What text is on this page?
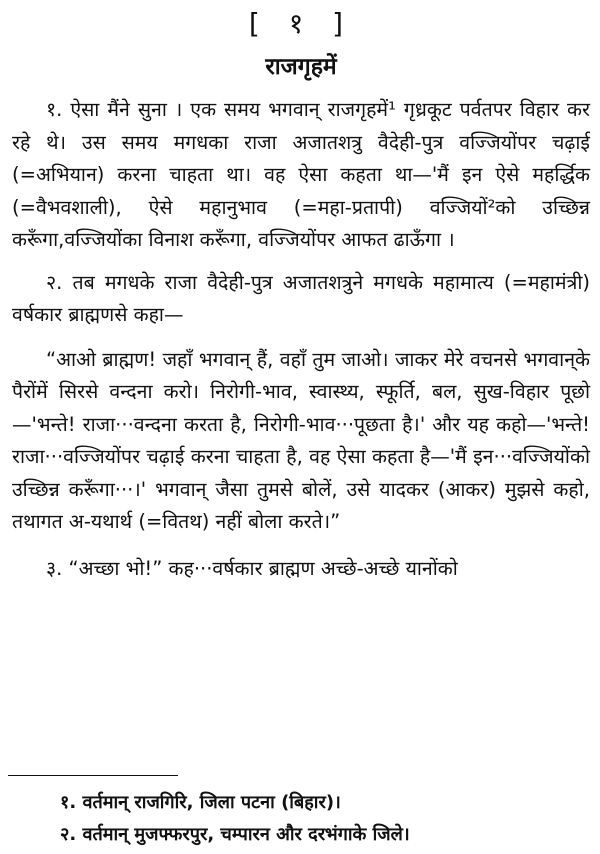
[ १ ]
राजगृहमें

१. ऐसा मैंने सुना । एक समय भगवान् राजगृहमें¹ गृध्रकूट पर्वतपर विहार कर रहे थे। उस समय मगधका राजा अजातशत्रु वैदेही-पुत्र वज्जियोंपर चढ़ाई (=अभियान) करना चाहता था। वह ऐसा कहता था—'मैं इन ऐसे महर्द्धिक (=वैभवशाली), ऐसे महानुभाव (=महा-प्रतापी) वज्जियों²को उच्छिन्न करूँगा,वज्जियोंका विनाश करूँगा, वज्जियोंपर आफत ढाऊँगा ।

२. तब मगधके राजा वैदेही-पुत्र अजातशत्रुने मगधके महामात्य (=महामंत्री) वर्षकार ब्राह्मणसे कहा—

“आओ ब्राह्मण! जहाँ भगवान् हैं, वहाँ तुम जाओ। जाकर मेरे वचनसे भगवान्‌के पैरोंमें सिरसे वन्दना करो। निरोगी-भाव, स्वास्थ्य, स्फूर्ति, बल, सुख-विहार पूछो—'भन्ते! राजा···वन्दना करता है, निरोगी-भाव···पूछता है।' और यह कहो—'भन्ते! राजा···वज्जियोंपर चढ़ाई करना चाहता है, वह ऐसा कहता है—'मैं इन···वज्जियोंको उच्छिन्न करूँगा···।' भगवान् जैसा तुमसे बोलें, उसे यादकर (आकर) मुझसे कहो, तथागत अ-यथार्थ (=वितथ) नहीं बोला करते।”

३. “अच्छा भो!” कह···वर्षकार ब्राह्मण अच्छे-अच्छे यानोंको

१. वर्तमान् राजगिरि, जिला पटना (बिहार)।
२. वर्तमान् मुजफ्फरपुर, चम्पारन और दरभंगाके जिले।
